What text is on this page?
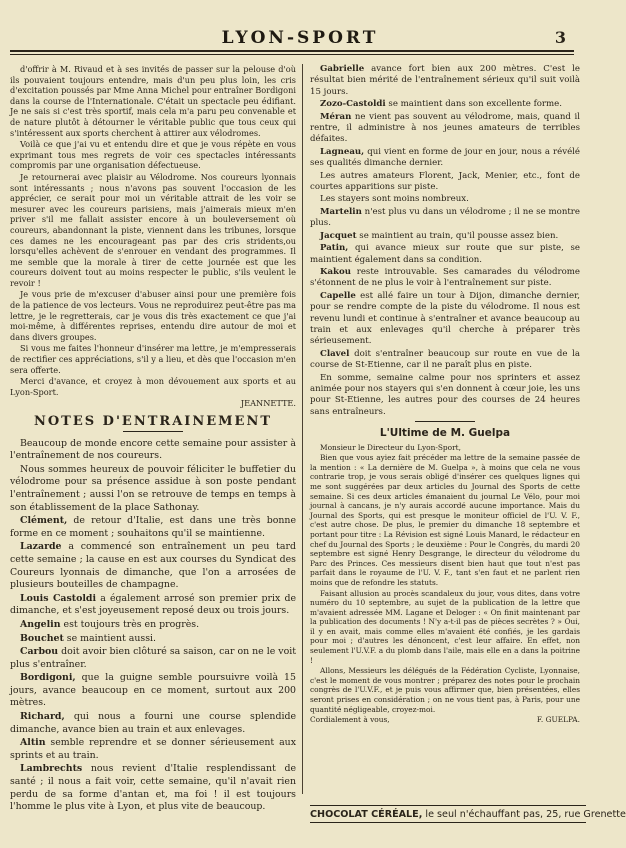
LYON-SPORT	3

d'offrir à M. Rivaud et à ses invités de passer sur la pelouse d'où ils pouvaient toujours entendre, mais d'un peu plus loin, les cris d'excitation poussés par Mme Anna Michel pour entraîner Bordigoni dans la course de l'Internationale. C'était un spectacle peu édifiant. Je ne sais si c'est très sportif, mais cela m'a paru peu convenable et de nature plutôt à détourner le véritable public que tous ceux qui s'intéressent aux sports cherchent à attirer aux vélodromes.

Voilà ce que j'ai vu et entendu dire et que je vous répète en vous exprimant tous mes regrets de voir ces spectacles intéressants compromis par une organisation défectueuse.

Je retournerai avec plaisir au Vélodrome. Nos coureurs lyonnais sont intéressants ; nous n'avons pas souvent l'occasion de les apprécier, ce serait pour moi un véritable attrait de les voir se mesurer avec les coureurs parisiens, mais j'aimerais mieux m'en priver s'il me fallait assister encore à un bouleversement où coureurs, abandonnant la piste, viennent dans les tribunes, lorsque ces dames ne les encourageant pas par des cris stridents,ou lorsqu'elles achèvent de s'enrouer en vendant des programmes. Il me semble que la morale à tirer de cette journée est que les coureurs doivent tout au moins respecter le public, s'ils veulent le revoir !

Je vous prie de m'excuser d'abuser ainsi pour une première fois de la patience de vos lecteurs. Vous ne reproduirez peut-être pas ma lettre, je le regretterais, car je vous dis très exactement ce que j'ai moi-même, à différentes reprises, entendu dire autour de moi et dans divers groupes.

Si vous me faites l'honneur d'insérer ma lettre, je m'empresserais de rectifier ces appréciations, s'il y a lieu, et dès que l'occasion m'en sera offerte.

Merci d'avance, et croyez à mon dévouement aux sports et au Lyon-Sport.

JEANNETTE.

NOTES D'ENTRAINEMENT

Beaucoup de monde encore cette semaine pour assister à l'entraînement de nos coureurs.

Nous sommes heureux de pouvoir féliciter le buffetier du vélodrome pour sa présence assidue à son poste pendant l'entraînement ; aussi l'on se retrouve de temps en temps à son établissement de la place Sathonay.

Clément, de retour d'Italie, est dans une très bonne forme en ce moment ; souhaitons qu'il se maintienne.

Lazarde a commencé son entraînement un peu tard cette semaine ; la cause en est aux courses du Syndicat des Coureurs lyonnais de dimanche, que l'on a arrosées de plusieurs bouteilles de champagne.

Louis Castoldi a également arrosé son premier prix de dimanche, et s'est joyeusement reposé deux ou trois jours.

Angelin est toujours très en progrès.

Bouchet se maintient aussi.

Carbou doit avoir bien clôturé sa saison, car on ne le voit plus s'entraîner.

Bordigoni, que la guigne semble poursuivre voilà 15 jours, avance beaucoup en ce moment, surtout aux 200 mètres.

Richard, qui nous a fourni une course splendide dimanche, avance bien au train et aux enlevages.

Altin semble reprendre et se donner sérieusement aux sprints et au train.

Lambrechts nous revient d'Italie resplendissant de santé ; il nous a fait voir, cette semaine, qu'il n'avait rien perdu de sa forme d'antan et, ma foi ! il est toujours l'homme le plus vite à Lyon, et plus vite de beaucoup.

Gabrielle avance fort bien aux 200 mètres. C'est le résultat bien mérité de l'entraînement sérieux qu'il suit voilà 15 jours.

Zozo-Castoldi se maintient dans son excellente forme.

Méran ne vient pas souvent au vélodrome, mais, quand il rentre, il administre à nos jeunes amateurs de terribles défaites.

Lagneau, qui vient en forme de jour en jour, nous a révélé ses qualités dimanche dernier.

Les autres amateurs Florent, Jack, Menier, etc., font de courtes apparitions sur piste.

Les stayers sont moins nombreux.

Martelin n'est plus vu dans un vélodrome ; il ne se montre plus.

Jacquet se maintient au train, qu'il pousse assez bien.

Patin, qui avance mieux sur route que sur piste, se maintient également dans sa condition.

Kakou reste introuvable. Ses camarades du vélodrome s'étonnent de ne plus le voir à l'entraînement sur piste.

Capelle est allé faire un tour à Dijon, dimanche dernier, pour se rendre compte de la piste du vélodrome. Il nous est revenu lundi et continue à s'entraîner et avance beaucoup au train et aux enlevages qu'il cherche à préparer très sérieusement.

Clavel doit s'entraîner beaucoup sur route en vue de la course de St-Etienne, car il ne paraît plus en piste.

En somme, semaine calme pour nos sprinters et assez animée pour nos stayers qui s'en donnent à cœur joie, les uns pour St-Etienne, les autres pour des courses de 24 heures sans entraîneurs.

L'Ultime de M. Guelpa

Monsieur le Directeur du Lyon-Sport,

Bien que vous ayiez fait précéder ma lettre de la semaine passée de la mention : « La dernière de M. Guelpa », à moins que cela ne vous contrarie trop, je vous serais obligé d'insérer ces quelques lignes qui me sont suggérées par deux articles du Journal des Sports de cette semaine. Si ces deux articles émanaient du journal Le Vélo, pour moi journal à cancans, je n'y aurais accordé aucune importance. Mais du Journal des Sports, qui est presque le moniteur officiel de l'U. V. F., c'est autre chose. De plus, le premier du dimanche 18 septembre et portant pour titre : La Révision est signé Louis Manard, le rédacteur en chef du Journal des Sports ; le deuxième : Pour le Congrès, du mardi 20 septembre est signé Henry Desgrange, le directeur du vélodrome du Parc des Princes. Ces messieurs disent bien haut que tout n'est pas parfait dans le royaume de l'U. V. F., tant s'en faut et ne parlent rien moins que de refondre les statuts.

Faisant allusion au procès scandaleux du jour, vous dites, dans votre numéro du 10 septembre, au sujet de la publication de la lettre que m'avaient adressée MM. Lagane et Deloger : « On finit maintenant par la publication des documents ! N'y a-t-il pas de pièces secrètes ? » Oui, il y en avait, mais comme elles m'avaient été confiés, je les gardais pour moi ; d'autres les dénoncent, c'est leur affaire. En effet, non seulement l'U.V.F. a du plomb dans l'aile, mais elle en a dans la poitrine !

Allons, Messieurs les délégués de la Fédération Cycliste, Lyonnaise, c'est le moment de vous montrer ; préparez des notes pour le prochain congrès de l'U.V.F., et je puis vous affirmer que, bien présentées, elles seront prises en considération ; on ne vous tient pas, à Paris, pour une quantité négligeable, croyez-moi.

Cordialement à vous,	F. GUELPA.

CHOCOLAT CÉRÉALE, le seul n'échauffant pas, 25, rue Grenette
